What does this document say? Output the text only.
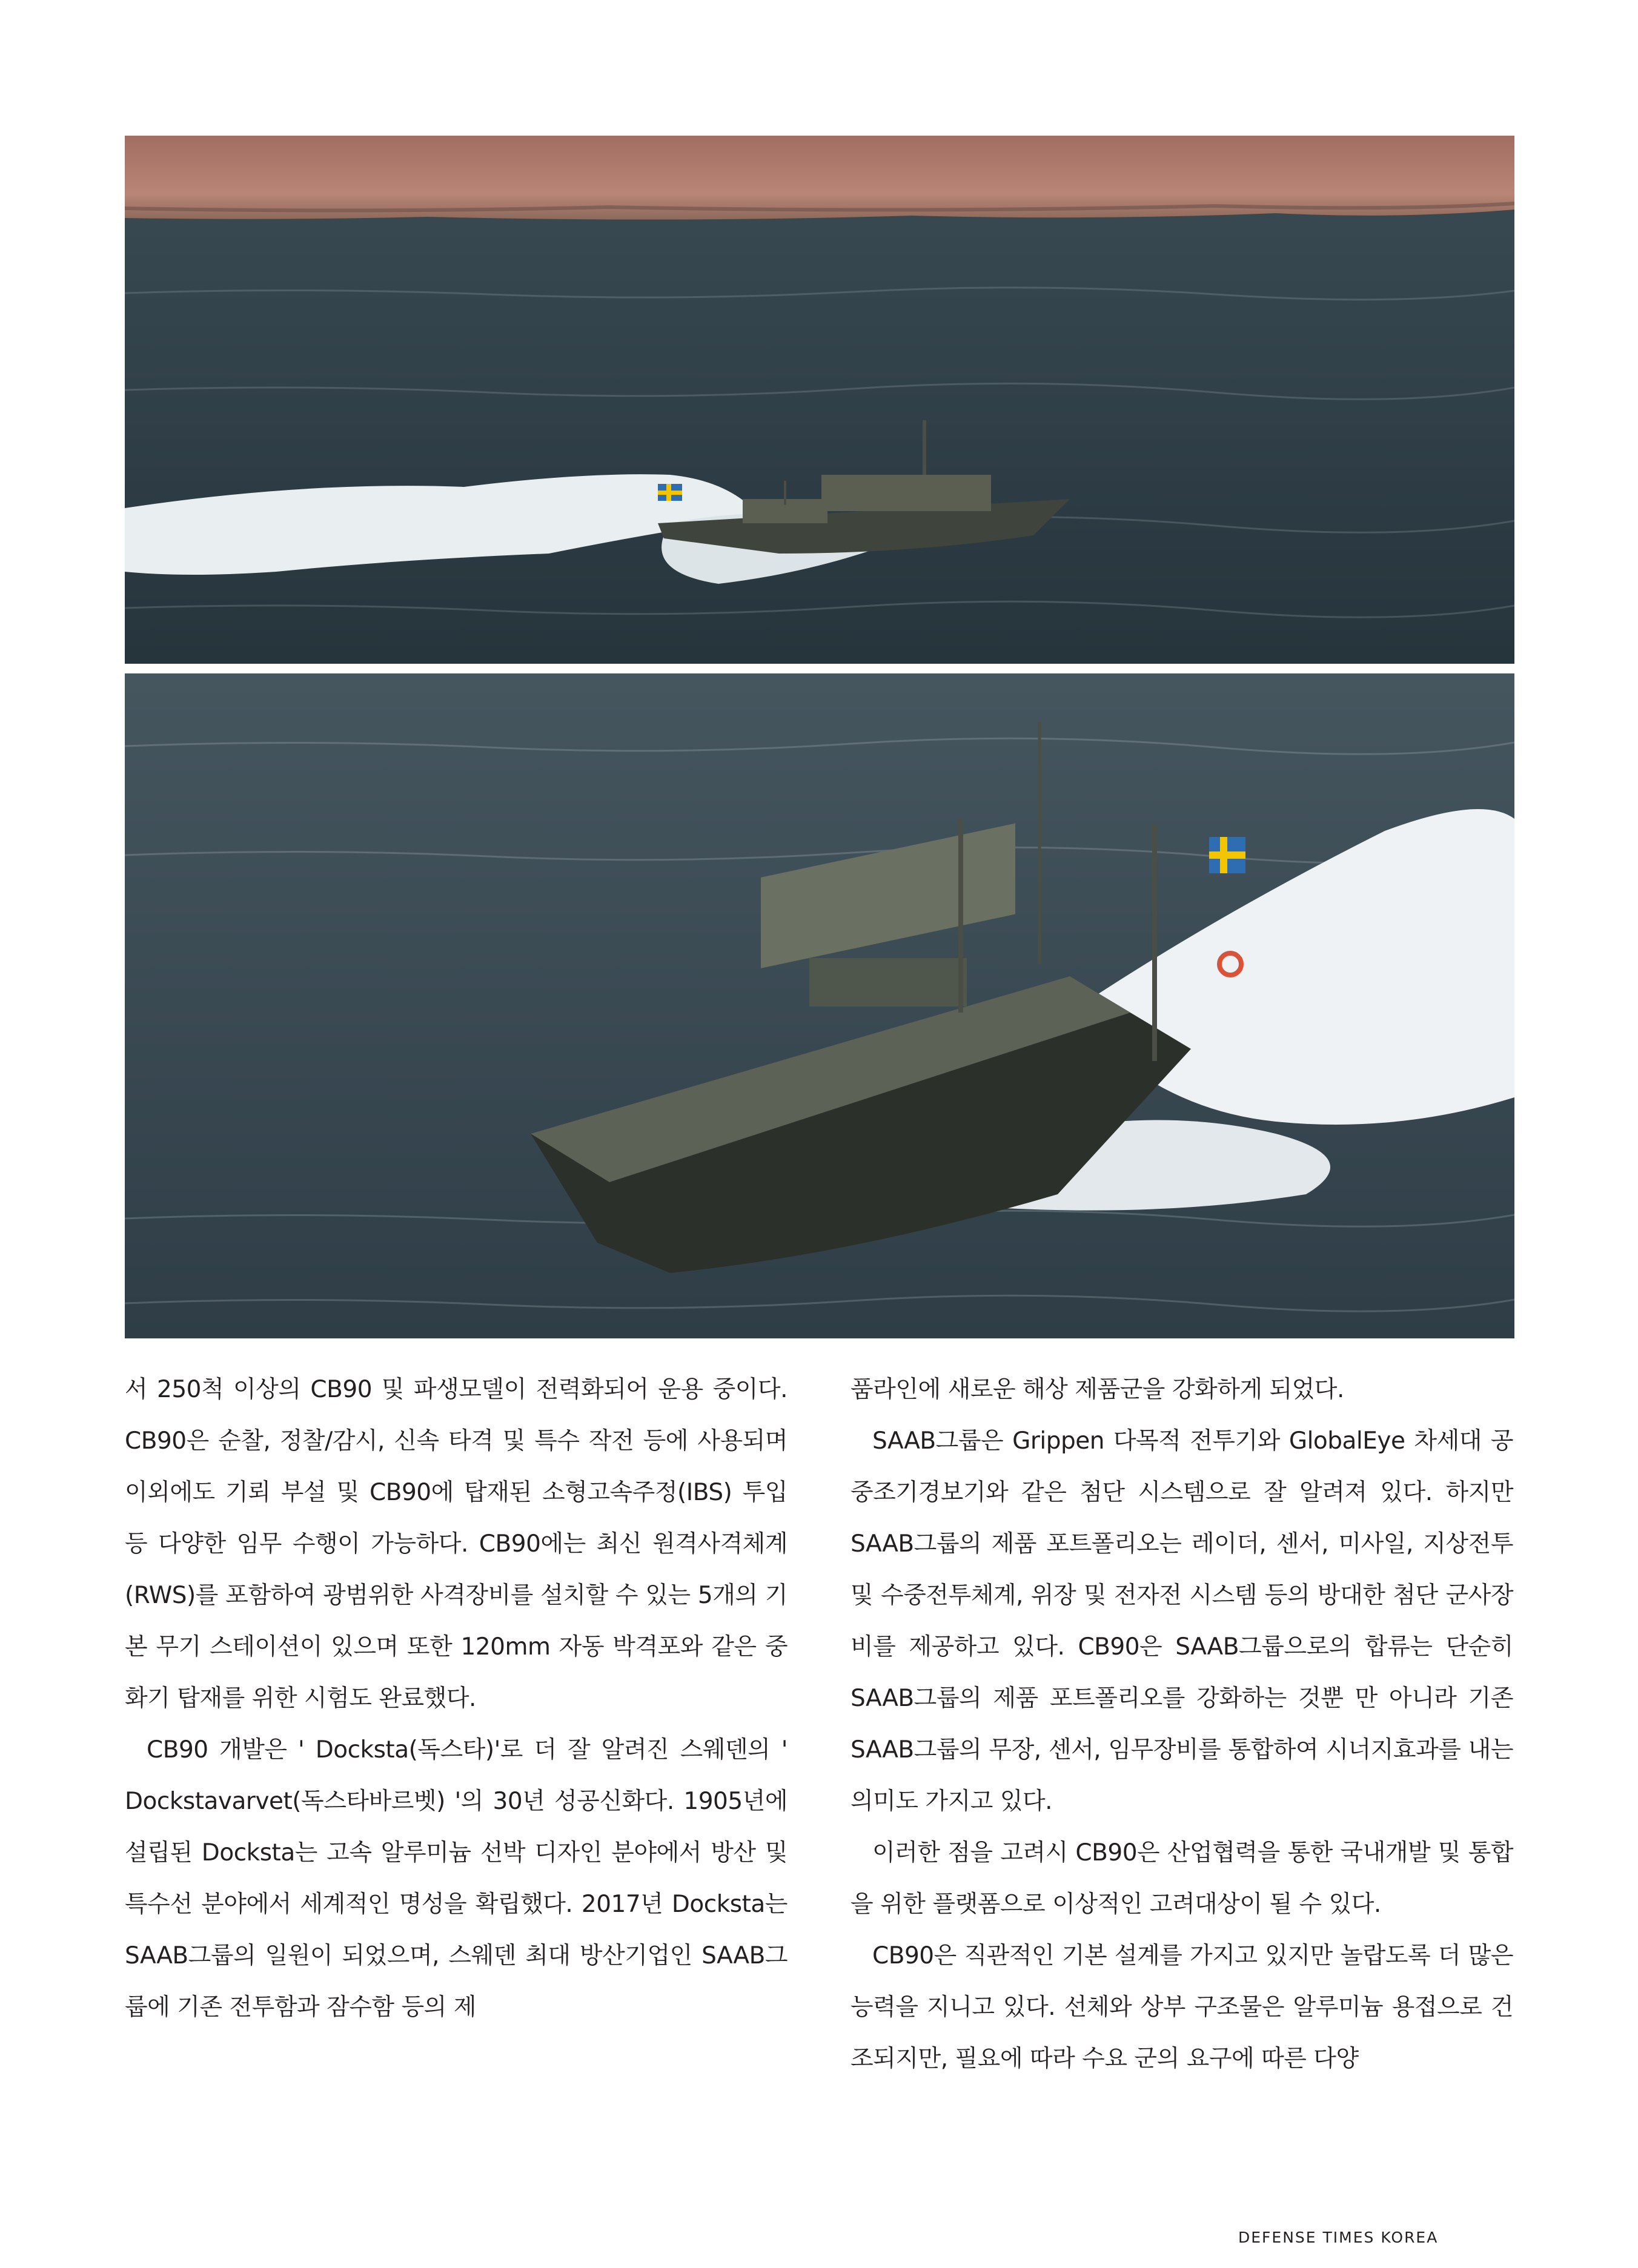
서 250척 이상의 CB90 및 파생모델이 전력화되어 운용 중이다. CB90은 순찰, 정찰/감시, 신속 타격 및 특수 작전 등에 사용되며 이외에도 기뢰 부설 및 CB90에 탑재된 소형고속주정(IBS) 투입 등 다양한 임무 수행이 가능하다. CB90에는 최신 원격사격체계(RWS)를 포함하여 광범위한 사격장비를 설치할 수 있는 5개의 기본 무기 스테이션이 있으며 또한 120mm 자동 박격포와 같은 중화기 탑재를 위한 시험도 완료했다.

CB90 개발은 ' Docksta(독스타)'로 더 잘 알려진 스웨덴의 ' Dockstavarvet(독스타바르벳) '의 30년 성공신화다. 1905년에 설립된 Docksta는 고속 알루미늄 선박 디자인 분야에서 방산 및 특수선 분야에서 세계적인 명성을 확립했다. 2017년 Docksta는 SAAB그룹의 일원이 되었으며, 스웨덴 최대 방산기업인 SAAB그룹에 기존 전투함과 잠수함 등의 제

품라인에 새로운 해상 제품군을 강화하게 되었다.

SAAB그룹은 Grippen 다목적 전투기와 GlobalEye 차세대 공중조기경보기와 같은 첨단 시스템으로 잘 알려져 있다. 하지만 SAAB그룹의 제품 포트폴리오는 레이더, 센서, 미사일, 지상전투 및 수중전투체계, 위장 및 전자전 시스템 등의 방대한 첨단 군사장비를 제공하고 있다. CB90은 SAAB그룹으로의 합류는 단순히 SAAB그룹의 제품 포트폴리오를 강화하는 것뿐 만 아니라 기존 SAAB그룹의 무장, 센서, 임무장비를 통합하여 시너지효과를 내는 의미도 가지고 있다.

이러한 점을 고려시 CB90은 산업협력을 통한 국내개발 및 통합을 위한 플랫폼으로 이상적인 고려대상이 될 수 있다.

CB90은 직관적인 기본 설계를 가지고 있지만 놀랍도록 더 많은 능력을 지니고 있다. 선체와 상부 구조물은 알루미늄 용접으로 건조되지만, 필요에 따라 수요 군의 요구에 따른 다양

DEFENSE TIMES KOREA
